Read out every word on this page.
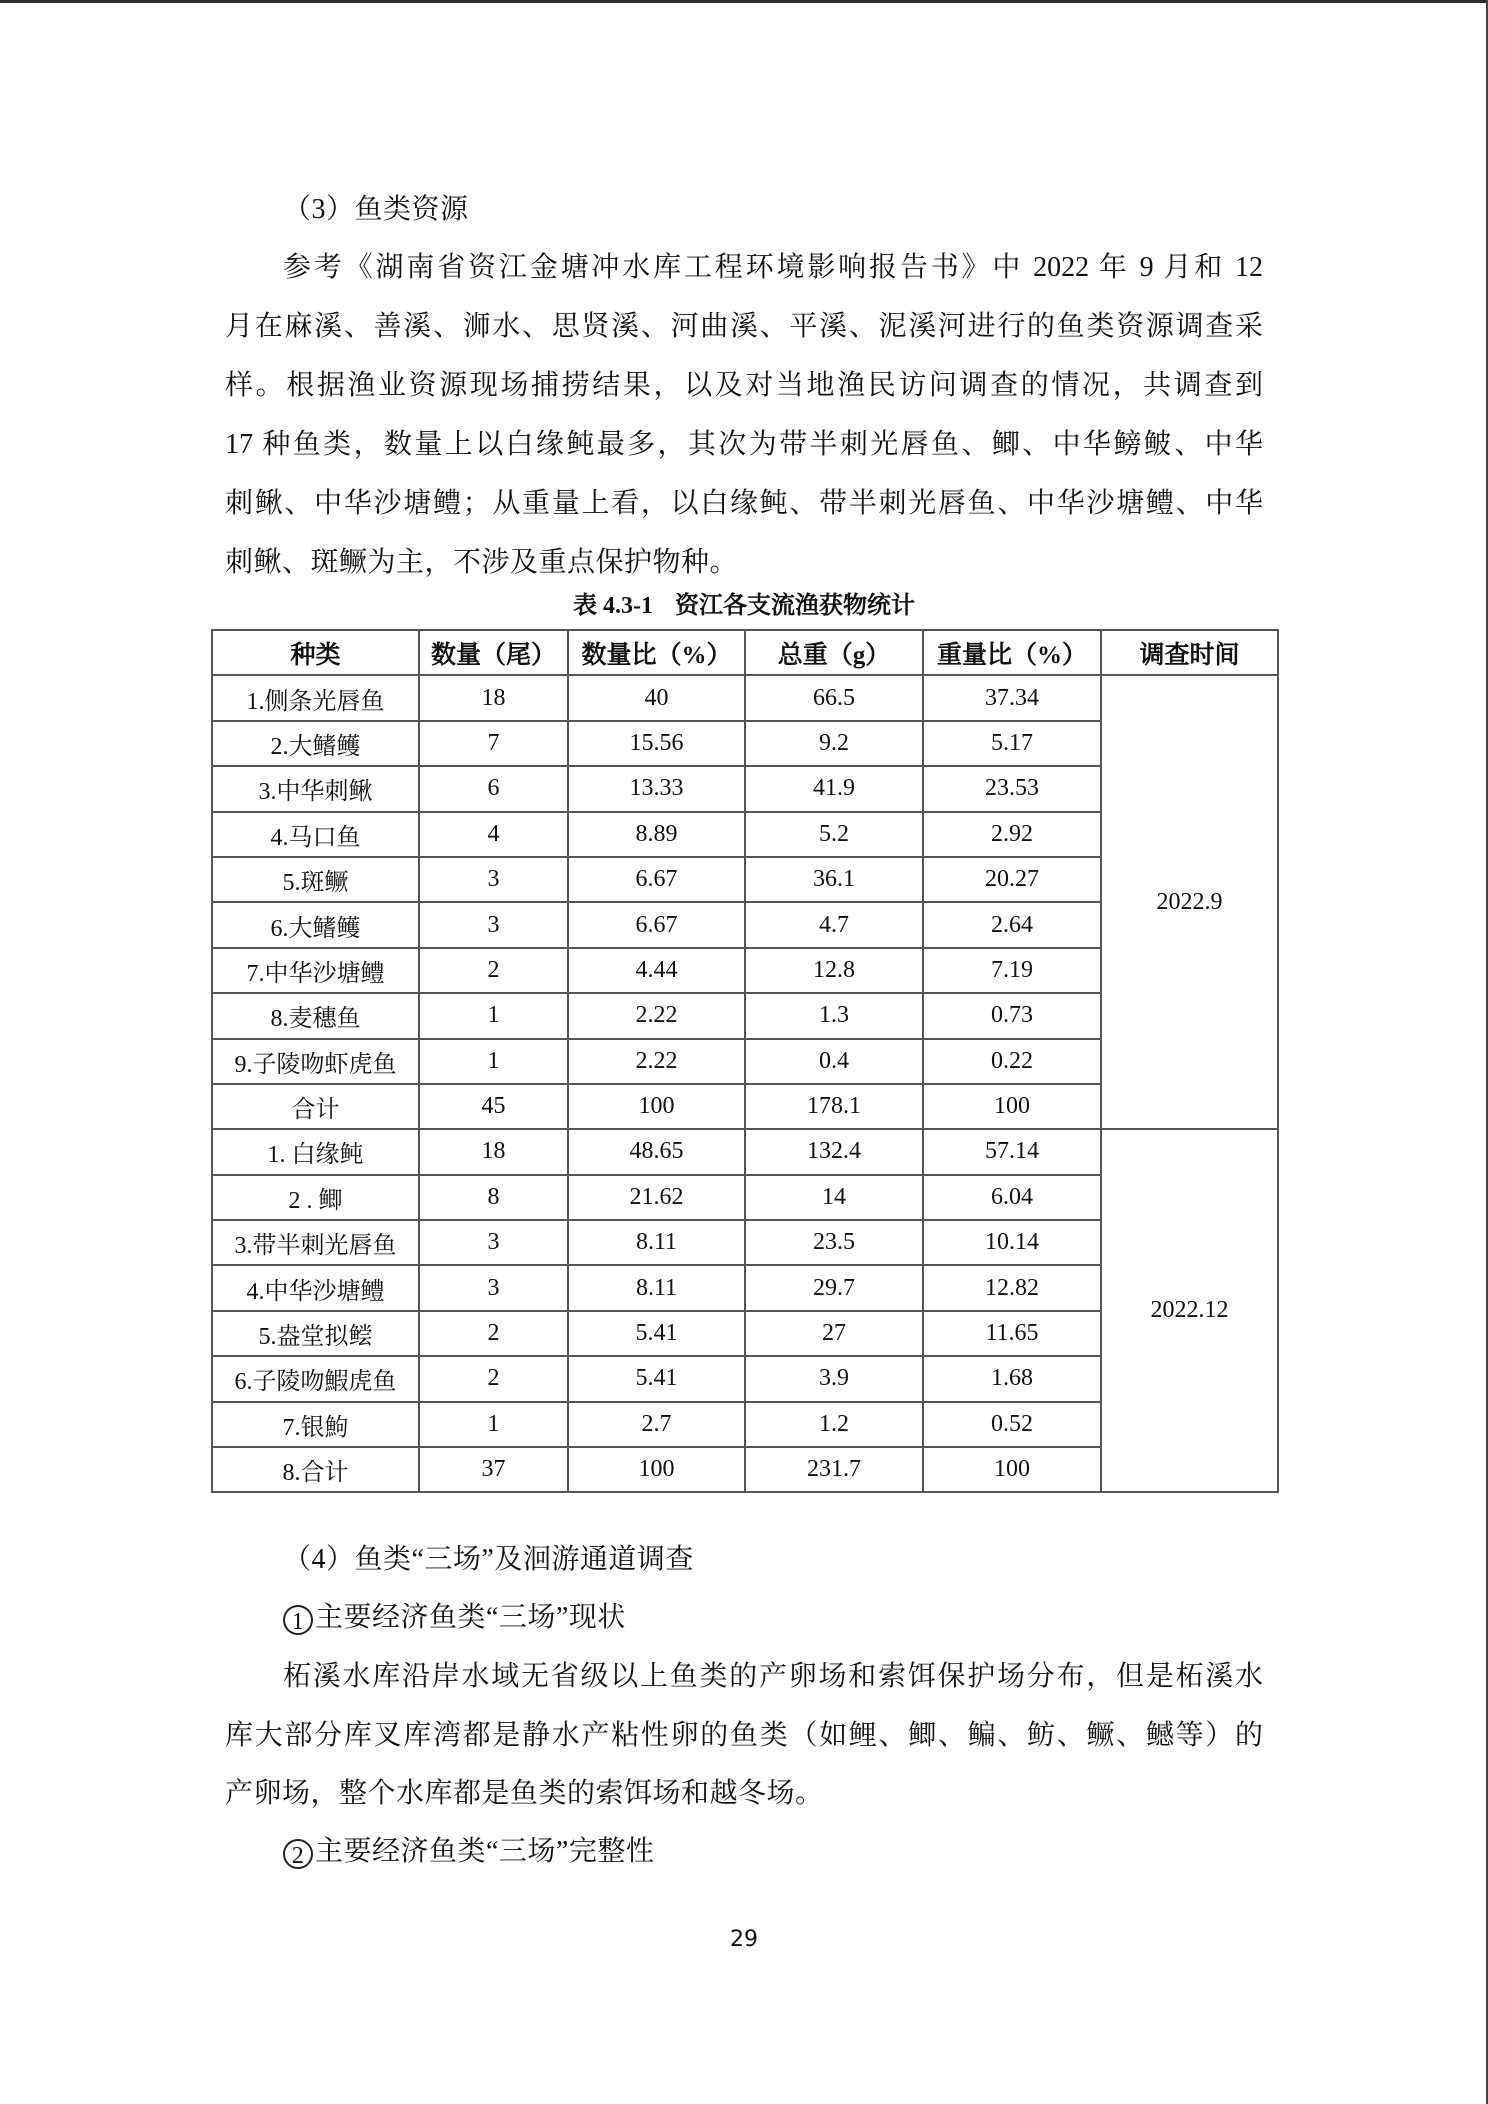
（3）鱼类资源
参考《湖南省资江金塘冲水库工程环境影响报告书》中 2022 年 9 月和 12
月在麻溪、善溪、浉水、思贤溪、河曲溪、平溪、泥溪河进行的鱼类资源调查采
样。根据渔业资源现场捕捞结果，以及对当地渔民访问调查的情况，共调查到
17 种鱼类，数量上以白缘鲀最多，其次为带半刺光唇鱼、鲫、中华鳑鲏、中华
刺鳅、中华沙塘鳢；从重量上看，以白缘鲀、带半刺光唇鱼、中华沙塘鳢、中华
刺鳅、斑鳜为主，不涉及重点保护物种。
表 4.3-1 资江各支流渔获物统计
种类	数量（尾）	数量比（%）	总重（g）	重量比（%）	调查时间
1.侧条光唇鱼	18	40	66.5	37.34	2022.9
2.大鳍鳠	7	15.56	9.2	5.17	
3.中华刺鳅	6	13.33	41.9	23.53	
4.马口鱼	4	8.89	5.2	2.92	
5.斑鳜	3	6.67	36.1	20.27	
6.大鳍鳠	3	6.67	4.7	2.64	
7.中华沙塘鳢	2	4.44	12.8	7.19	
8.麦穗鱼	1	2.22	1.3	0.73	
9.子陵吻虾虎鱼	1	2.22	0.4	0.22	
合计	45	100	178.1	100	
1. 白缘鲀	18	48.65	132.4	57.14	2022.12
2 . 鲫	8	21.62	14	6.04	
3.带半刺光唇鱼	3	8.11	23.5	10.14	
4.中华沙塘鳢	3	8.11	29.7	12.82	
5.盎堂拟鲿	2	5.41	27	11.65	
6.子陵吻鰕虎鱼	2	5.41	3.9	1.68	
7.银鮈	1	2.7	1.2	0.52	
8.合计	37	100	231.7	100	
（4）鱼类“三场”及洄游通道调查
1 主要经济鱼类“三场”现状
柘溪水库沿岸水域无省级以上鱼类的产卵场和索饵保护场分布，但是柘溪水
库大部分库叉库湾都是静水产粘性卵的鱼类（如鲤、鲫、鳊、鲂、鳜、鳡等）的
产卵场，整个水库都是鱼类的索饵场和越冬场。
2 主要经济鱼类“三场”完整性
29
